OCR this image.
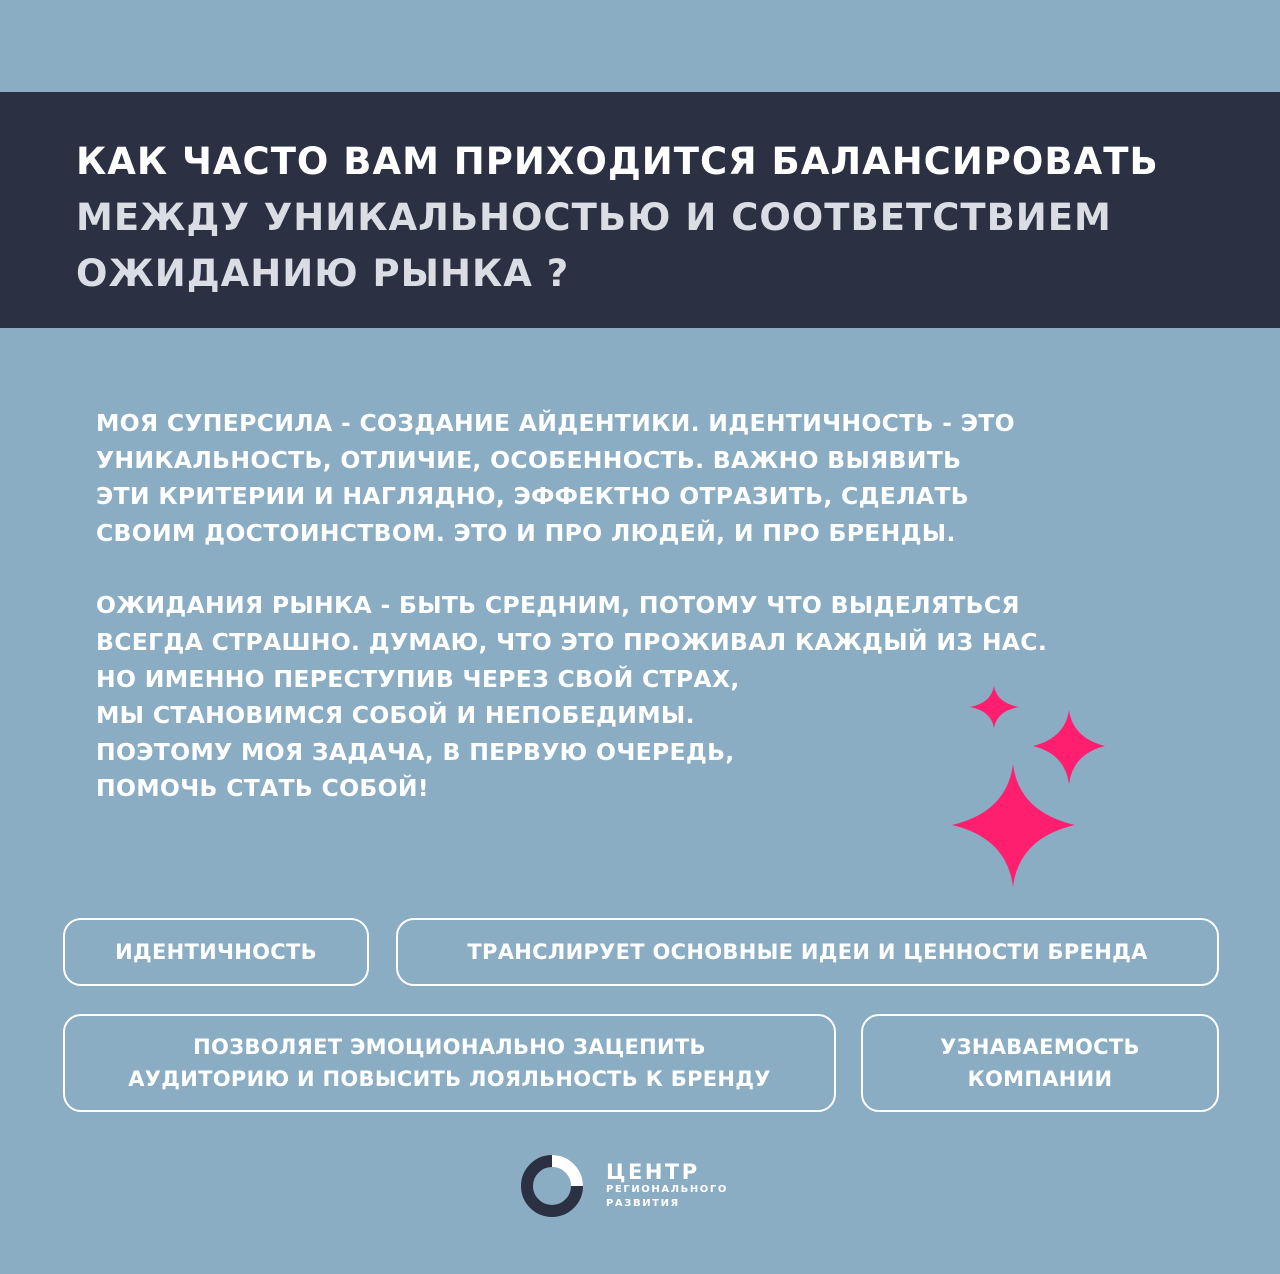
КАК ЧАСТО ВАМ ПРИХОДИТСЯ БАЛАНСИРОВАТЬ
МЕЖДУ УНИКАЛЬНОСТЬЮ И СООТВЕТСТВИЕМ
ОЖИДАНИЮ РЫНКА ?
МОЯ СУПЕРСИЛА - СОЗДАНИЕ АЙДЕНТИКИ. ИДЕНТИЧНОСТЬ - ЭТО
УНИКАЛЬНОСТЬ, ОТЛИЧИЕ, ОСОБЕННОСТЬ. ВАЖНО ВЫЯВИТЬ
ЭТИ КРИТЕРИИ И НАГЛЯДНО, ЭФФЕКТНО ОТРАЗИТЬ, СДЕЛАТЬ
СВОИМ ДОСТОИНСТВОМ. ЭТО И ПРО ЛЮДЕЙ, И ПРО БРЕНДЫ.
ОЖИДАНИЯ РЫНКА - БЫТЬ СРЕДНИМ, ПОТОМУ ЧТО ВЫДЕЛЯТЬСЯ
ВСЕГДА СТРАШНО. ДУМАЮ, ЧТО ЭТО ПРОЖИВАЛ КАЖДЫЙ ИЗ НАС.
НО ИМЕННО ПЕРЕСТУПИВ ЧЕРЕЗ СВОЙ СТРАХ,
МЫ СТАНОВИМСЯ СОБОЙ И НЕПОБЕДИМЫ.
ПОЭТОМУ МОЯ ЗАДАЧА, В ПЕРВУЮ ОЧЕРЕДЬ,
ПОМОЧЬ СТАТЬ СОБОЙ!
ИДЕНТИЧНОСТЬ	ТРАНСЛИРУЕТ ОСНОВНЫЕ ИДЕИ И ЦЕННОСТИ БРЕНДА
ПОЗВОЛЯЕТ ЭМОЦИОНАЛЬНО ЗАЦЕПИТЬ
АУДИТОРИЮ И ПОВЫСИТЬ ЛОЯЛЬНОСТЬ К БРЕНДУ
УЗНАВАЕМОСТЬ
КОМПАНИИ
ЦЕНТР
РЕГИОНАЛЬНОГО
РАЗВИТИЯ
